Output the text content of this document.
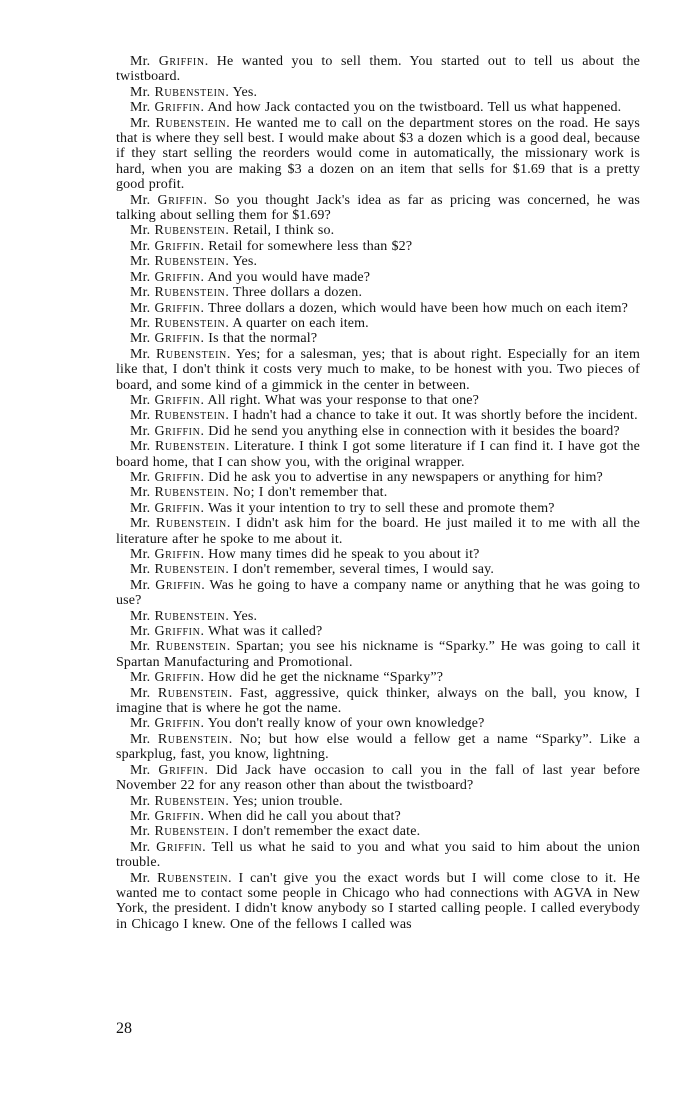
Mr. Griffin. He wanted you to sell them. You started out to tell us about the twistboard.

Mr. Rubenstein. Yes.

Mr. Griffin. And how Jack contacted you on the twistboard. Tell us what happened.

Mr. Rubenstein. He wanted me to call on the department stores on the road. He says that is where they sell best. I would make about $3 a dozen which is a good deal, because if they start selling the reorders would come in automatically, the missionary work is hard, when you are making $3 a dozen on an item that sells for $1.69 that is a pretty good profit.

Mr. Griffin. So you thought Jack's idea as far as pricing was concerned, he was talking about selling them for $1.69?

Mr. Rubenstein. Retail, I think so.

Mr. Griffin. Retail for somewhere less than $2?

Mr. Rubenstein. Yes.

Mr. Griffin. And you would have made?

Mr. Rubenstein. Three dollars a dozen.

Mr. Griffin. Three dollars a dozen, which would have been how much on each item?

Mr. Rubenstein. A quarter on each item.

Mr. Griffin. Is that the normal?

Mr. Rubenstein. Yes; for a salesman, yes; that is about right. Especially for an item like that, I don't think it costs very much to make, to be honest with you. Two pieces of board, and some kind of a gimmick in the center in between.

Mr. Griffin. All right. What was your response to that one?

Mr. Rubenstein. I hadn't had a chance to take it out. It was shortly before the incident.

Mr. Griffin. Did he send you anything else in connection with it besides the board?

Mr. Rubenstein. Literature. I think I got some literature if I can find it. I have got the board home, that I can show you, with the original wrapper.

Mr. Griffin. Did he ask you to advertise in any newspapers or anything for him?

Mr. Rubenstein. No; I don't remember that.

Mr. Griffin. Was it your intention to try to sell these and promote them?

Mr. Rubenstein. I didn't ask him for the board. He just mailed it to me with all the literature after he spoke to me about it.

Mr. Griffin. How many times did he speak to you about it?

Mr. Rubenstein. I don't remember, several times, I would say.

Mr. Griffin. Was he going to have a company name or anything that he was going to use?

Mr. Rubenstein. Yes.

Mr. Griffin. What was it called?

Mr. Rubenstein. Spartan; you see his nickname is “Sparky.” He was going to call it Spartan Manufacturing and Promotional.

Mr. Griffin. How did he get the nickname “Sparky”?

Mr. Rubenstein. Fast, aggressive, quick thinker, always on the ball, you know, I imagine that is where he got the name.

Mr. Griffin. You don't really know of your own knowledge?

Mr. Rubenstein. No; but how else would a fellow get a name “Sparky”. Like a sparkplug, fast, you know, lightning.

Mr. Griffin. Did Jack have occasion to call you in the fall of last year before November 22 for any reason other than about the twistboard?

Mr. Rubenstein. Yes; union trouble.

Mr. Griffin. When did he call you about that?

Mr. Rubenstein. I don't remember the exact date.

Mr. Griffin. Tell us what he said to you and what you said to him about the union trouble.

Mr. Rubenstein. I can't give you the exact words but I will come close to it. He wanted me to contact some people in Chicago who had connections with AGVA in New York, the president. I didn't know anybody so I started calling people. I called everybody in Chicago I knew. One of the fellows I called was

28
